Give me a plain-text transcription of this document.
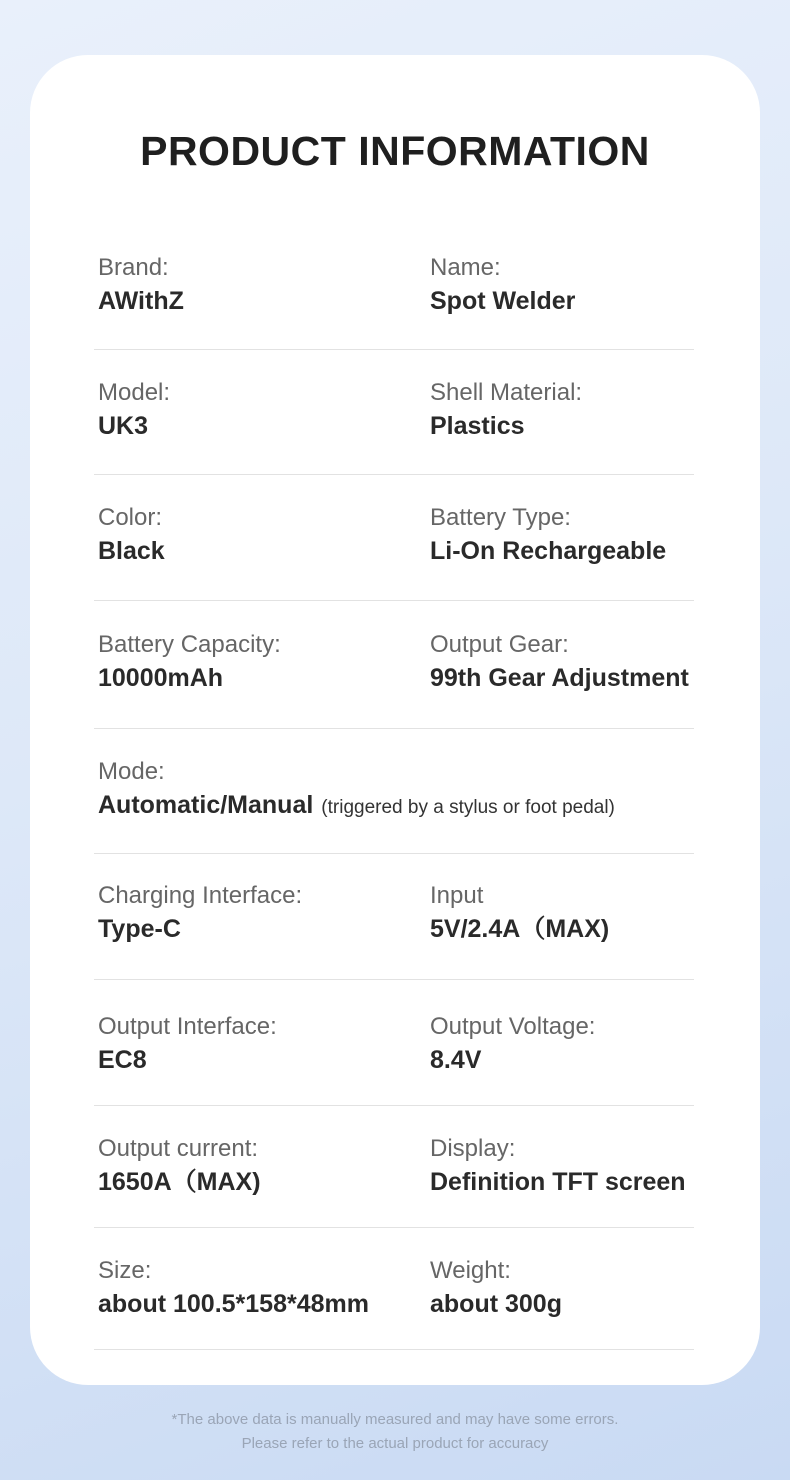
PRODUCT INFORMATION
Brand:
AWithZ
Name:
Spot Welder
Model:
UK3
Shell Material:
Plastics
Color:
Black
Battery Type:
Li-On Rechargeable
Battery Capacity:
10000mAh
Output Gear:
99th Gear Adjustment
Mode:
Automatic/Manual (triggered by a stylus or foot pedal)
Charging Interface:
Type-C
Input
5V/2.4A（MAX)
Output Interface:
EC8
Output Voltage:
8.4V
Output current:
1650A（MAX)
Display:
Definition TFT screen
Size:
about 100.5*158*48mm
Weight:
about 300g
*The above data is manually measured and may have some errors.
Please refer to the actual product for accuracy
